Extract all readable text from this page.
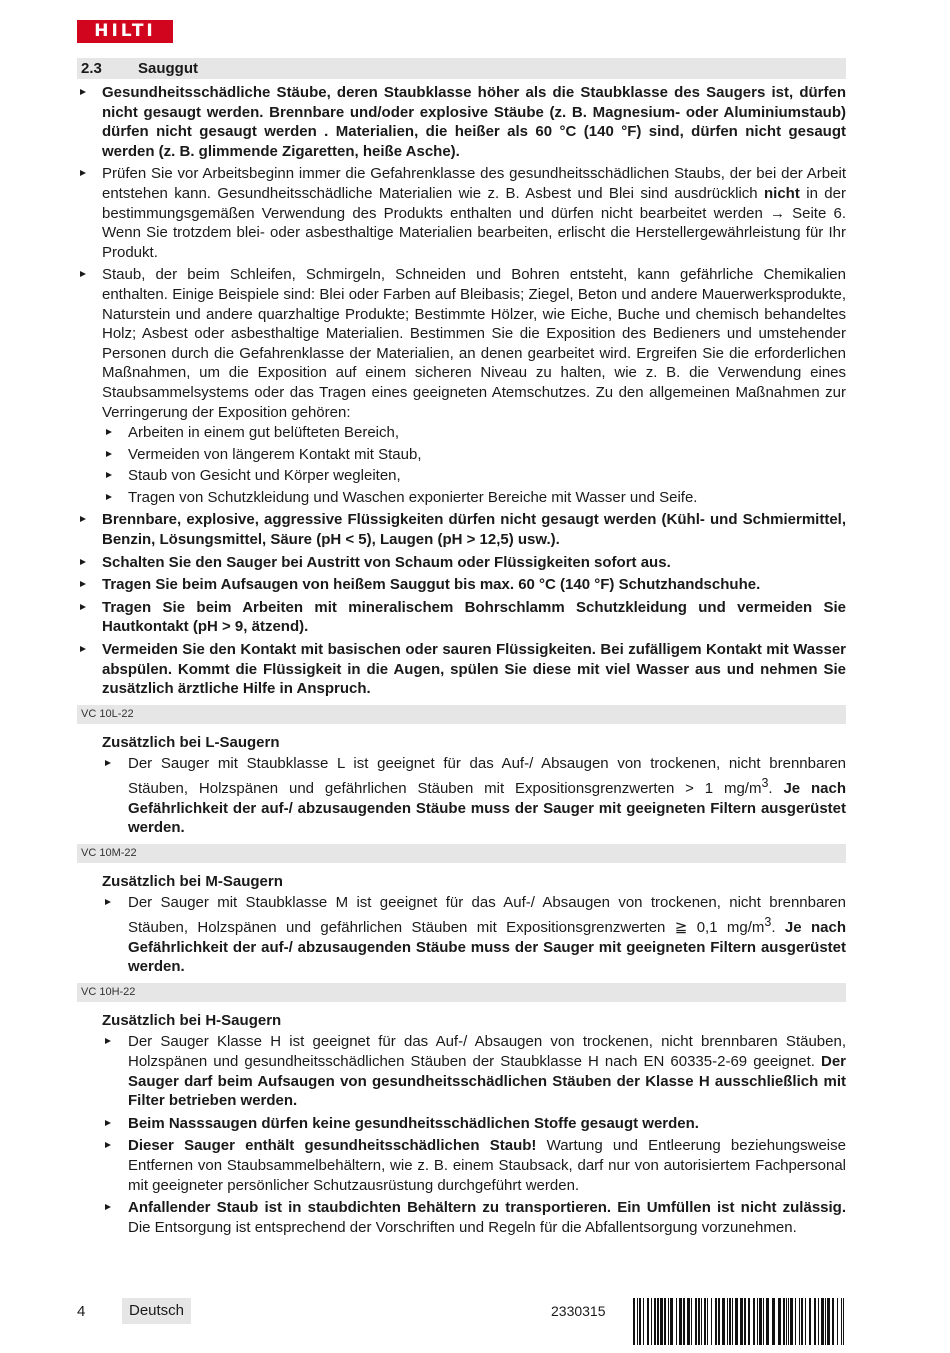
HILTI
2.3	Sauggut
Gesundheitsschädliche Stäube, deren Staubklasse höher als die Staubklasse des Saugers ist, dürfen nicht gesaugt werden. Brennbare und/oder explosive Stäube (z. B. Magnesium- oder Aluminiumstaub) dürfen nicht gesaugt werden . Materialien, die heißer als 60 °C (140 °F) sind, dürfen nicht gesaugt werden (z. B. glimmende Zigaretten, heiße Asche).
Prüfen Sie vor Arbeitsbeginn immer die Gefahrenklasse des gesundheitsschädlichen Staubs, der bei der Arbeit entstehen kann. Gesundheitsschädliche Materialien wie z. B. Asbest und Blei sind ausdrücklich nicht in der bestimmungsgemäßen Verwendung des Produkts enthalten und dürfen nicht bearbeitet werden → Seite 6. Wenn Sie trotzdem blei- oder asbesthaltige Materialien bearbeiten, erlischt die Herstellergewährleistung für Ihr Produkt.
Staub, der beim Schleifen, Schmirgeln, Schneiden und Bohren entsteht, kann gefährliche Chemikalien enthalten. Einige Beispiele sind: Blei oder Farben auf Bleibasis; Ziegel, Beton und andere Mauerwerksprodukte, Naturstein und andere quarzhaltige Produkte; Bestimmte Hölzer, wie Eiche, Buche und chemisch behandeltes Holz; Asbest oder asbesthaltige Materialien. Bestimmen Sie die Exposition des Bedieners und umstehender Personen durch die Gefahrenklasse der Materialien, an denen gearbeitet wird. Ergreifen Sie die erforderlichen Maßnahmen, um die Exposition auf einem sicheren Niveau zu halten, wie z. B. die Verwendung eines Staubsammelsystems oder das Tragen eines geeigneten Atemschutzes. Zu den allgemeinen Maßnahmen zur Verringerung der Exposition gehören:
Arbeiten in einem gut belüfteten Bereich,
Vermeiden von längerem Kontakt mit Staub,
Staub von Gesicht und Körper wegleiten,
Tragen von Schutzkleidung und Waschen exponierter Bereiche mit Wasser und Seife.
Brennbare, explosive, aggressive Flüssigkeiten dürfen nicht gesaugt werden (Kühl- und Schmiermittel, Benzin, Lösungsmittel, Säure (pH < 5), Laugen (pH > 12,5) usw.).
Schalten Sie den Sauger bei Austritt von Schaum oder Flüssigkeiten sofort aus.
Tragen Sie beim Aufsaugen von heißem Sauggut bis max. 60 °C (140 °F) Schutzhandschuhe.
Tragen Sie beim Arbeiten mit mineralischem Bohrschlamm Schutzkleidung und vermeiden Sie Hautkontakt (pH > 9, ätzend).
Vermeiden Sie den Kontakt mit basischen oder sauren Flüssigkeiten. Bei zufälligem Kontakt mit Wasser abspülen. Kommt die Flüssigkeit in die Augen, spülen Sie diese mit viel Wasser aus und nehmen Sie zusätzlich ärztliche Hilfe in Anspruch.
VC 10L-22
Zusätzlich bei L-Saugern
Der Sauger mit Staubklasse L ist geeignet für das Auf-/ Absaugen von trockenen, nicht brennbaren Stäuben, Holzspänen und gefährlichen Stäuben mit Expositionsgrenzwerten > 1 $mg/m^3$. Je nach Gefährlichkeit der auf-/ abzusaugenden Stäube muss der Sauger mit geeigneten Filtern ausgerüstet werden.
VC 10M-22
Zusätzlich bei M-Saugern
Der Sauger mit Staubklasse M ist geeignet für das Auf-/ Absaugen von trockenen, nicht brennbaren Stäuben, Holzspänen und gefährlichen Stäuben mit Expositionsgrenzwerten ≧ 0,1 $mg/m^3$. Je nach Gefährlichkeit der auf-/ abzusaugenden Stäube muss der Sauger mit geeigneten Filtern ausgerüstet werden.
VC 10H-22
Zusätzlich bei H-Saugern
Der Sauger Klasse H ist geeignet für das Auf-/ Absaugen von trockenen, nicht brennbaren Stäuben, Holzspänen und gesundheitsschädlichen Stäuben der Staubklasse H nach EN 60335-2-69 geeignet. Der Sauger darf beim Aufsaugen von gesundheitsschädlichen Stäuben der Klasse H ausschließlich mit Filter betrieben werden.
Beim Nasssaugen dürfen keine gesundheitsschädlichen Stoffe gesaugt werden.
Dieser Sauger enthält gesundheitsschädlichen Staub! Wartung und Entleerung beziehungsweise Entfernen von Staubsammelbehältern, wie z. B. einem Staubsack, darf nur von autorisiertem Fachpersonal mit geeigneter persönlicher Schutzausrüstung durchgeführt werden.
Anfallender Staub ist in staubdichten Behältern zu transportieren. Ein Umfüllen ist nicht zulässig. Die Entsorgung ist entsprechend der Vorschriften und Regeln für die Abfallentsorgung vorzunehmen.
4	Deutsch	2330315
